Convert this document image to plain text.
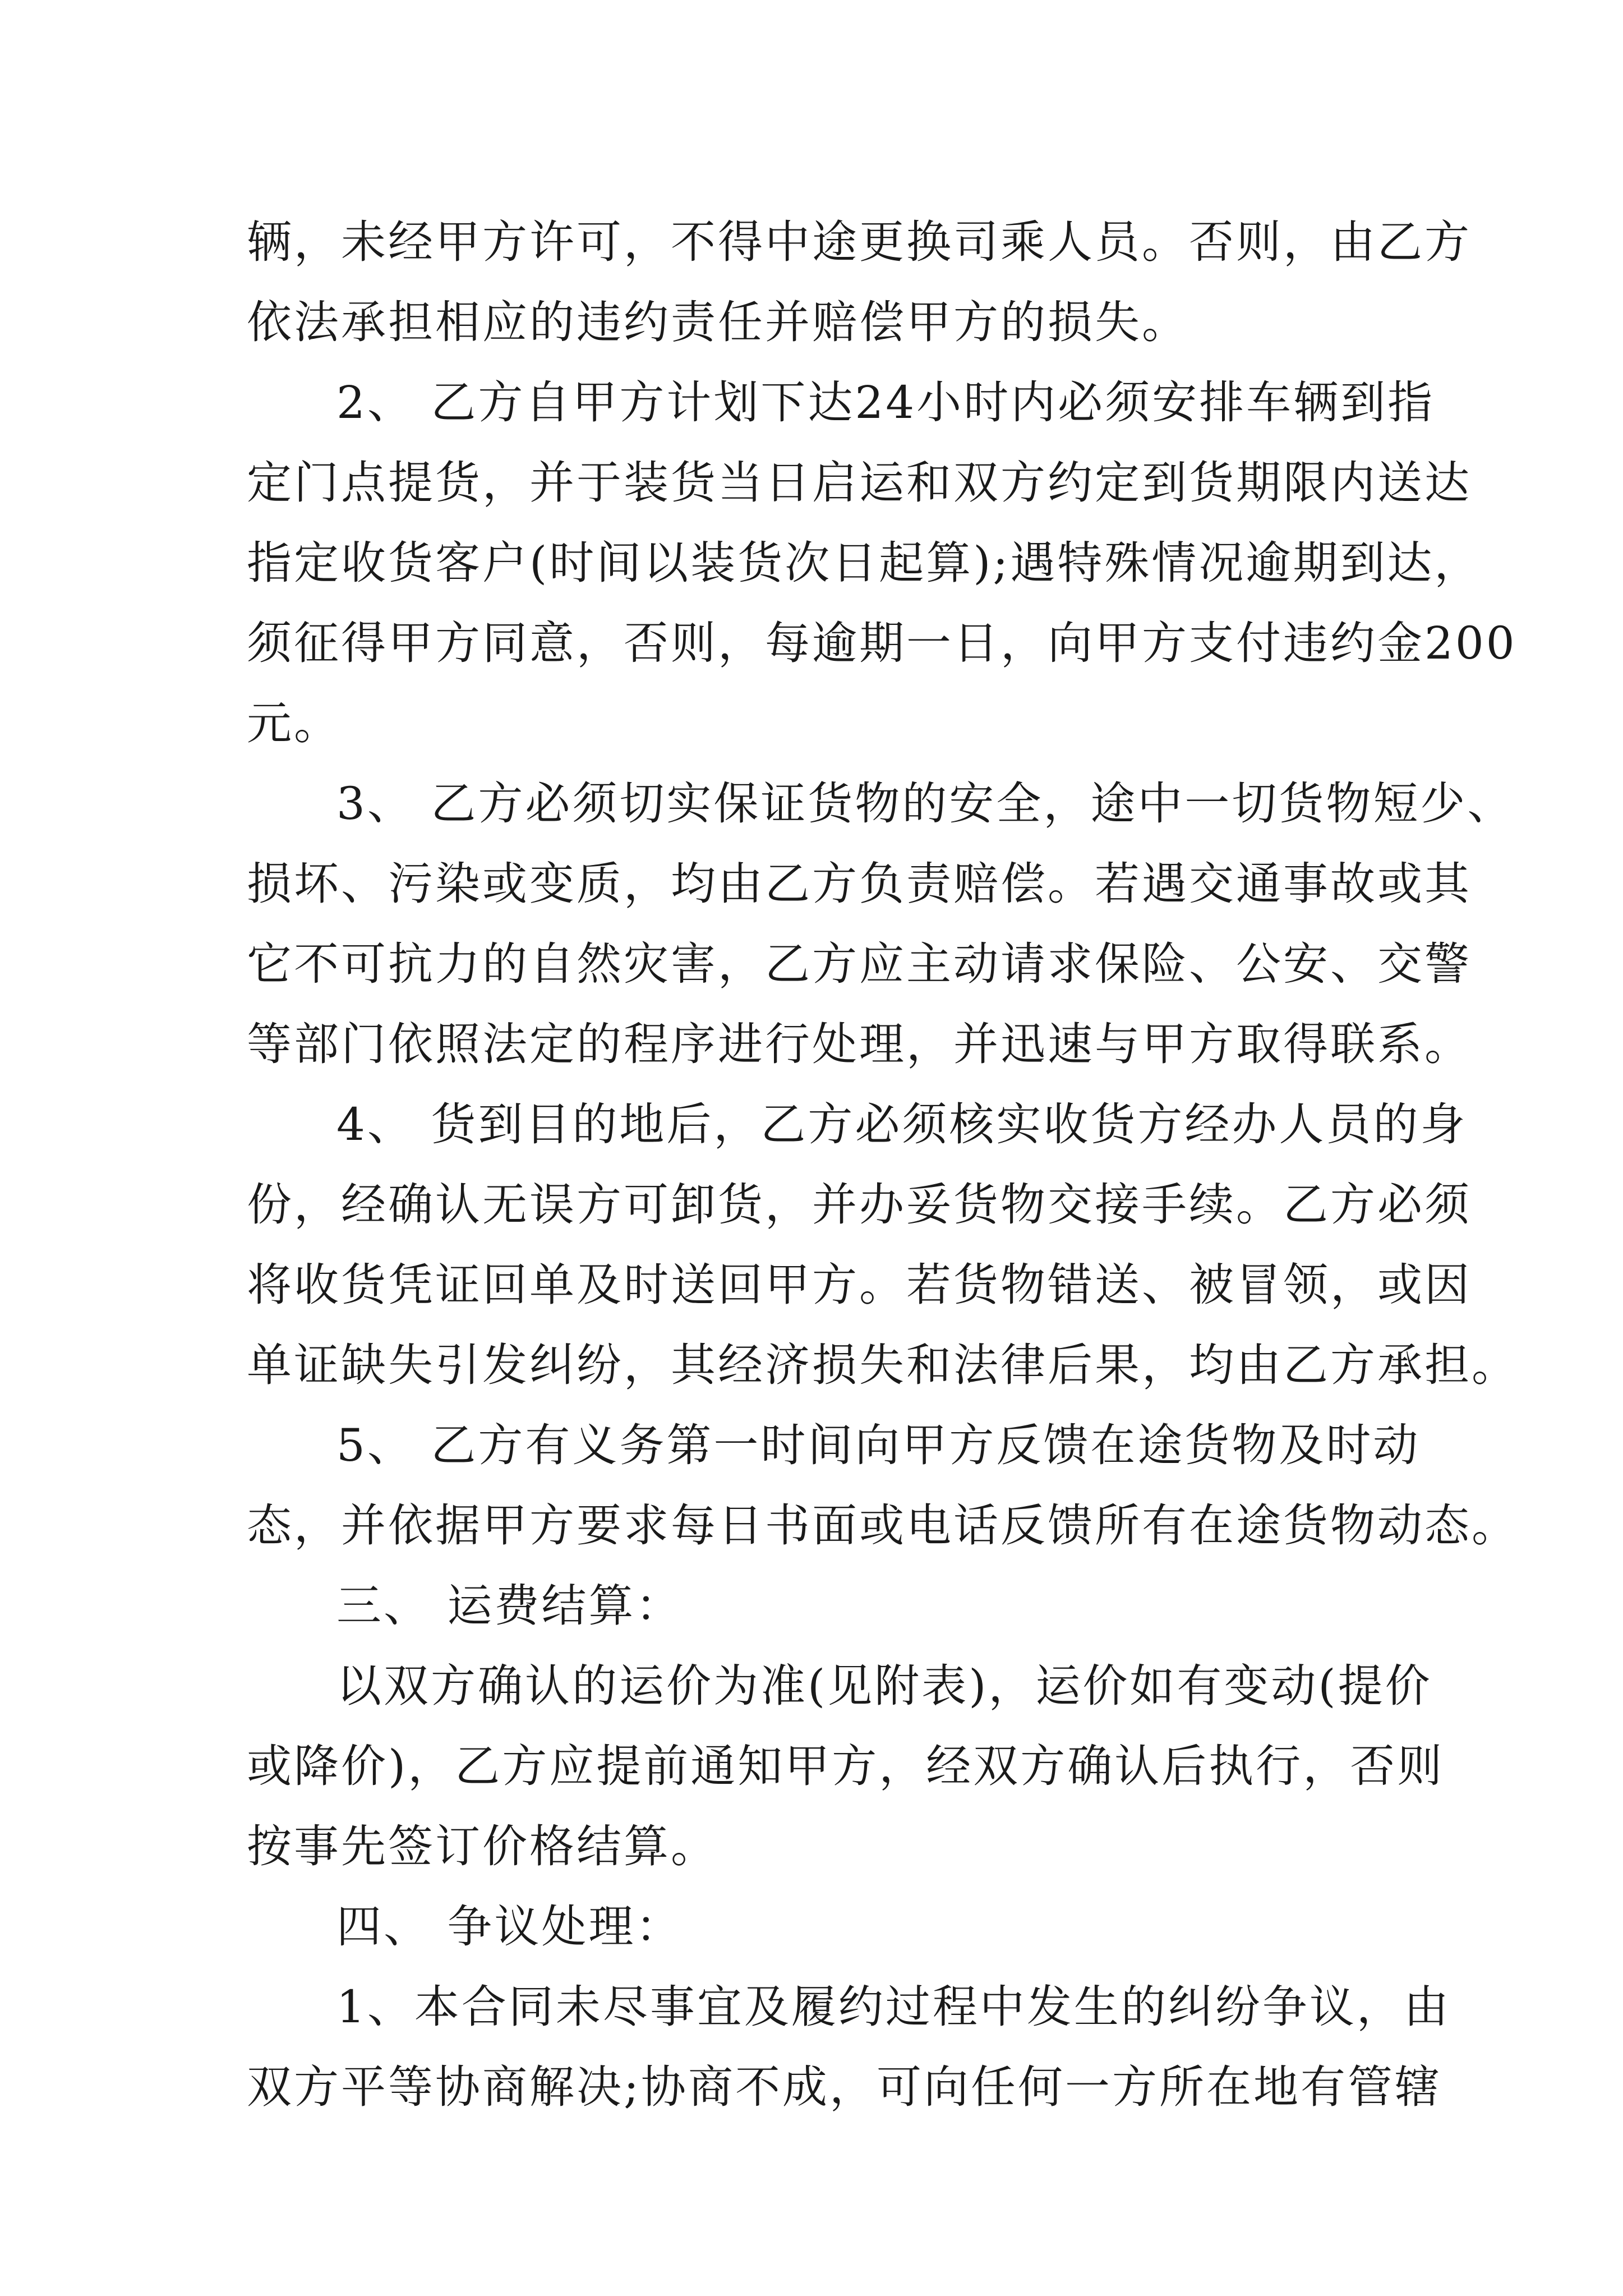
辆，未经甲方许可，不得中途更换司乘人员。否则，由乙方
依法承担相应的违约责任并赔偿甲方的损失。
2、 乙方自甲方计划下达24小时内必须安排车辆到指
定门点提货，并于装货当日启运和双方约定到货期限内送达
指定收货客户(时间以装货次日起算);遇特殊情况逾期到达，
须征得甲方同意，否则，每逾期一日，向甲方支付违约金200
元。
3、 乙方必须切实保证货物的安全，途中一切货物短少、
损坏、污染或变质，均由乙方负责赔偿。若遇交通事故或其
它不可抗力的自然灾害，乙方应主动请求保险、公安、交警
等部门依照法定的程序进行处理，并迅速与甲方取得联系。
4、 货到目的地后，乙方必须核实收货方经办人员的身
份，经确认无误方可卸货，并办妥货物交接手续。乙方必须
将收货凭证回单及时送回甲方。若货物错送、被冒领，或因
单证缺失引发纠纷，其经济损失和法律后果，均由乙方承担。
5、 乙方有义务第一时间向甲方反馈在途货物及时动
态，并依据甲方要求每日书面或电话反馈所有在途货物动态。
三、 运费结算：
以双方确认的运价为准(见附表)，运价如有变动(提价
或降价)，乙方应提前通知甲方，经双方确认后执行，否则
按事先签订价格结算。
四、 争议处理：
1、本合同未尽事宜及履约过程中发生的纠纷争议，由
双方平等协商解决;协商不成，可向任何一方所在地有管辖
